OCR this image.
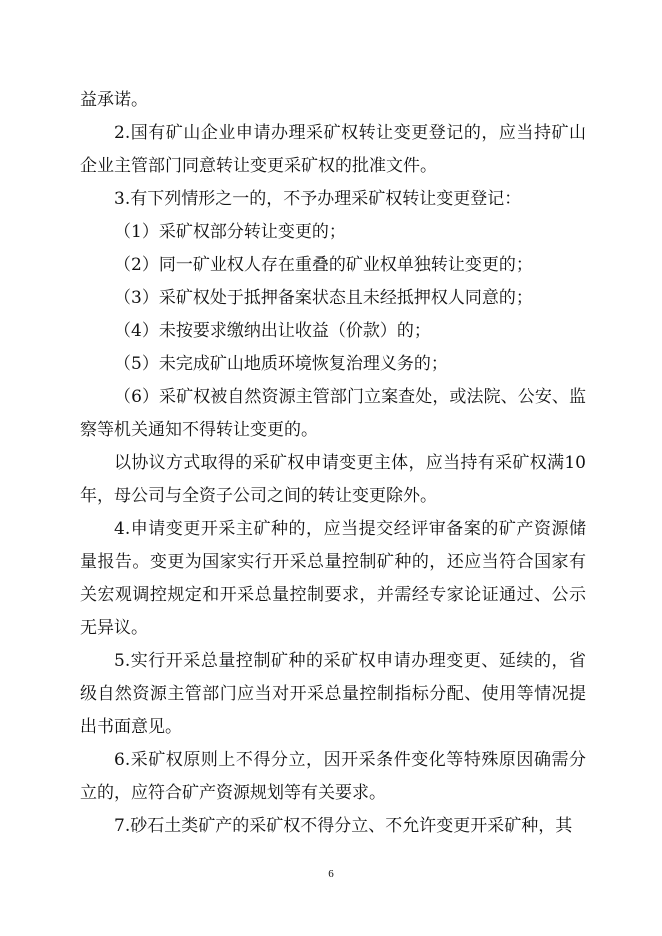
益承诺。

2.国有矿山企业申请办理采矿权转让变更登记的，应当持矿山企业主管部门同意转让变更采矿权的批准文件。

3.有下列情形之一的，不予办理采矿权转让变更登记：

（1）采矿权部分转让变更的；

（2）同一矿业权人存在重叠的矿业权单独转让变更的；

（3）采矿权处于抵押备案状态且未经抵押权人同意的；

（4）未按要求缴纳出让收益（价款）的；

（5）未完成矿山地质环境恢复治理义务的；

（6）采矿权被自然资源主管部门立案查处，或法院、公安、监察等机关通知不得转让变更的。

以协议方式取得的采矿权申请变更主体，应当持有采矿权满10年，母公司与全资子公司之间的转让变更除外。

4.申请变更开采主矿种的，应当提交经评审备案的矿产资源储量报告。变更为国家实行开采总量控制矿种的，还应当符合国家有关宏观调控规定和开采总量控制要求，并需经专家论证通过、公示无异议。

5.实行开采总量控制矿种的采矿权申请办理变更、延续的，省级自然资源主管部门应当对开采总量控制指标分配、使用等情况提出书面意见。

6.采矿权原则上不得分立，因开采条件变化等特殊原因确需分立的，应符合矿产资源规划等有关要求。

7.砂石土类矿产的采矿权不得分立、不允许变更开采矿种，其

6
